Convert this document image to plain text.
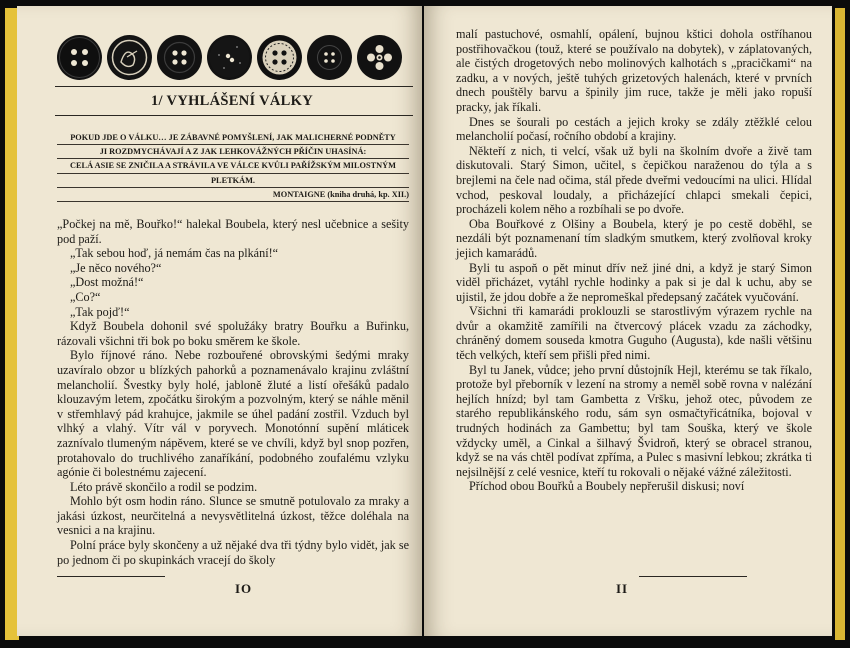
1/ VYHLÁŠENÍ VÁLKY
POKUD JDE O VÁLKU… JE ZÁBAVNÉ POMYŠLENÍ, JAK MALICHERNÉ PODNĚTY
JI ROZDMYCHÁVAJÍ A Z JAK LEHKOVÁŽNÝCH PŘÍČIN UHASÍNÁ:
CELÁ ASIE SE ZNIČILA A STRÁVILA VE VÁLCE KVŮLI PAŘÍŽSKÝM MILOSTNÝM
PLETKÁM.
MONTAIGNE (kniha druhá, kp. XII.)

„Počkej na mě, Bouřko!“ halekal Boubela, který nesl učebnice a sešity pod paží.

„Tak sebou hoď, já nemám čas na plkání!“

„Je něco nového?“

„Dost možná!“

„Co?“

„Tak pojď!“

Když Boubela dohonil své spolužáky bratry Bouřku a Buřinku, rázovali všichni tři bok po boku směrem ke škole.

Bylo říjnové ráno. Nebe rozbouřené obrovskými šedými mraky uzavíralo obzor u blízkých pahorků a poznamenávalo krajinu zvláštní melancholií. Švestky byly holé, jabloně žluté a listí ořešáků padalo klouzavým letem, zpočátku širokým a pozvolným, který se náhle měnil v střemhlavý pád krahujce, jakmile se úhel padání zostřil. Vzduch byl vlhký a vlahý. Vítr vál v poryvech. Monotónní supění mláticek zaznívalo tlumeným nápěvem, které se ve chvíli, když byl snop pozřen, protahovalo do truchlivého zanaříkání, podobného zoufalému vzlyku agónie či bolestnému zajecení.

Léto právě skončilo a rodil se podzim.

Mohlo být osm hodin ráno. Slunce se smutně potulovalo za mraky a jakási úzkost, neurčitelná a nevysvětlitelná úzkost, těžce doléhala na vesnici a na krajinu.

Polní práce byly skončeny a už nějaké dva tři týdny bylo vidět, jak se po jednom či po skupinkách vracejí do školy

IO

malí pastuchové, osmahlí, opálení, bujnou kštici dohola ostříhanou postřihovačkou (touž, které se používalo na dobytek), v záplatovaných, ale čistých drogetových nebo molinových kalhotách s „pracičkami“ na zadku, a v nových, ještě tuhých grizetových halenách, které v prvních dnech pouštěly barvu a špinily jim ruce, takže je měli jako ropuší pracky, jak říkali.

Dnes se šourali po cestách a jejich kroky se zdály ztěžklé celou melancholií počasí, ročního období a krajiny.

Někteří z nich, ti velcí, však už byli na školním dvoře a živě tam diskutovali. Starý Simon, učitel, s čepičkou naraženou do týla a s brejlemi na čele nad očima, stál přede dveřmi vedoucími na ulici. Hlídal vchod, peskoval loudaly, a přicházející chlapci smekali čepici, procházeli kolem něho a rozbíhali se po dvoře.

Oba Bouřkové z Olšiny a Boubela, který je po cestě doběhl, se nezdáli být poznamenaní tím sladkým smutkem, který zvolňoval kroky jejich kamarádů.

Byli tu aspoň o pět minut dřív než jiné dni, a když je starý Simon viděl přicházet, vytáhl rychle hodinky a pak si je dal k uchu, aby se ujistil, že jdou dobře a že nepromeškal předepsaný začátek vyučování.

Všichni tři kamarádi proklouzli se starostlivým výrazem rychle na dvůr a okamžitě zamířili na čtvercový plácek vzadu za záchodky, chráněný domem souseda kmotra Guguho (Augusta), kde našli většinu těch velkých, kteří sem přišli před nimi.

Byl tu Janek, vůdce; jeho první důstojník Hejl, kterému se tak říkalo, protože byl přeborník v lezení na stromy a neměl sobě rovna v nalézání hejlích hnízd; byl tam Gambetta z Vršku, jehož otec, původem ze starého republikánského rodu, sám syn osmačtyřicátníka, bojoval v trudných hodinách za Gambettu; byl tam Souška, který ve škole vždycky uměl, a Cinkal a šilhavý Švidroň, který se obracel stranou, když se na vás chtěl podívat zpříma, a Pulec s masivní lebkou; zkrátka ti nejsilnější z celé vesnice, kteří tu rokovali o nějaké vážné záležitosti.

Příchod obou Bouřků a Boubely nepřerušil diskusi; noví

II
